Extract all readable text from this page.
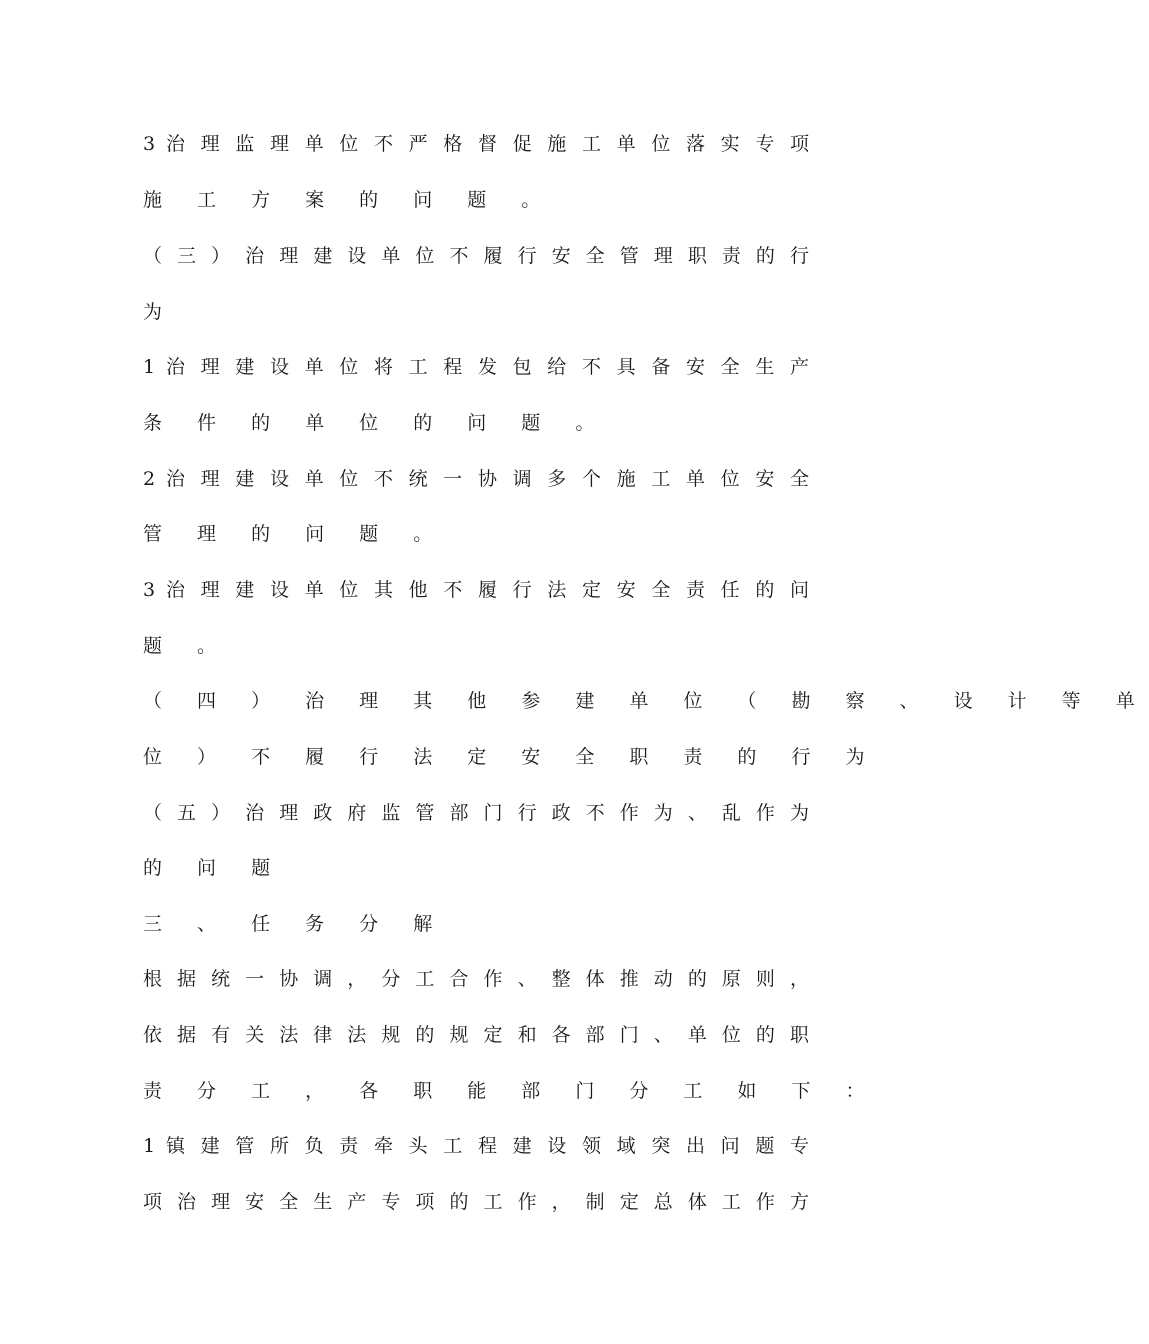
3 治 理 监 理 单 位 不 严 格 督 促 施 工 单 位 落 实 专 项
施 工 方 案 的 问 题 。
（ 三 ） 治 理 建 设 单 位 不 履 行 安 全 管 理 职 责 的 行
为
1 治 理 建 设 单 位 将 工 程 发 包 给 不 具 备 安 全 生 产
条 件 的 单 位 的 问 题 。
2 治 理 建 设 单 位 不 统 一 协 调 多 个 施 工 单 位 安 全
管 理 的 问 题 。
3 治 理 建 设 单 位 其 他 不 履 行 法 定 安 全 责 任 的 问
题 。
（ 四 ） 治 理 其 他 参 建 单 位 （ 勘 察 、 设 计 等 单
位 ） 不 履 行 法 定 安 全 职 责 的 行 为
（ 五 ） 治 理 政 府 监 管 部 门 行 政 不 作 为 、 乱 作 为
的 问 题
三 、 任 务 分 解
根 据 统 一 协 调 ， 分 工 合 作 、 整 体 推 动 的 原 则 ，
依 据 有 关 法 律 法 规 的 规 定 和 各 部 门 、 单 位 的 职
责 分 工 ， 各 职 能 部 门 分 工 如 下 ：
1 镇 建 管 所 负 责 牵 头 工 程 建 设 领 域 突 出 问 题 专
项 治 理 安 全 生 产 专 项 的 工 作 ， 制 定 总 体 工 作 方
